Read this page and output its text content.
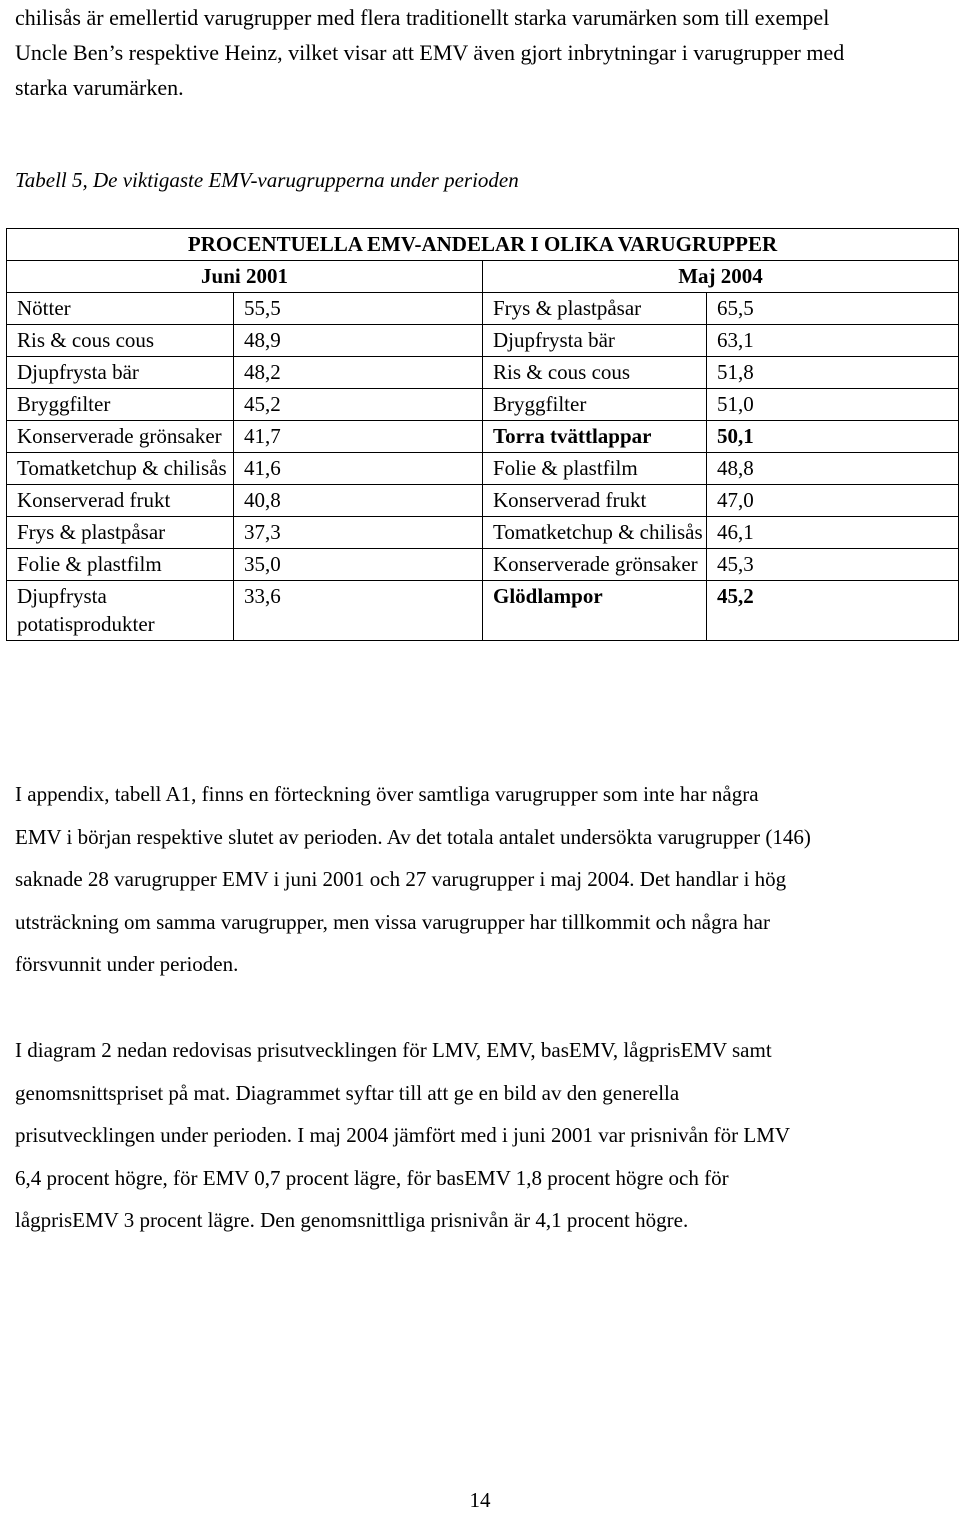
chilisås är emellertid varugrupper med flera traditionellt starka varumärken som till exempel
Uncle Ben’s respektive Heinz, vilket visar att EMV även gjort inbrytningar i varugrupper med
starka varumärken.
Tabell 5, De viktigaste EMV-varugrupperna under perioden
PROCENTUELLA EMV-ANDELAR I OLIKA VARUGRUPPER			
Juni 2001		Maj 2004	
Nötter	55,5	Frys & plastpåsar	65,5
Ris & cous cous	48,9	Djupfrysta bär	63,1
Djupfrysta bär	48,2	Ris & cous cous	51,8
Bryggfilter	45,2	Bryggfilter	51,0
Konserverade grönsaker	41,7	Torra tvättlappar	50,1
Tomatketchup & chilisås	41,6	Folie & plastfilm	48,8
Konserverad frukt	40,8	Konserverad frukt	47,0
Frys & plastpåsar	37,3	Tomatketchup & chilisås	46,1
Folie & plastfilm	35,0	Konserverade grönsaker	45,3
Djupfrysta potatisprodukter	33,6	Glödlampor	45,2
I appendix, tabell A1, finns en förteckning över samtliga varugrupper som inte har några
EMV i början respektive slutet av perioden. Av det totala antalet undersökta varugrupper (146)
saknade 28 varugrupper EMV i juni 2001 och 27 varugrupper i maj 2004. Det handlar i hög
utsträckning om samma varugrupper, men vissa varugrupper har tillkommit och några har
försvunnit under perioden.
I diagram 2 nedan redovisas prisutvecklingen för LMV, EMV, basEMV, lågprisEMV samt
genomsnittspriset på mat. Diagrammet syftar till att ge en bild av den generella
prisutvecklingen under perioden. I maj 2004 jämfört med i juni 2001 var prisnivån för LMV
6,4 procent högre, för EMV 0,7 procent lägre, för basEMV 1,8 procent högre och för
lågprisEMV 3 procent lägre. Den genomsnittliga prisnivån är 4,1 procent högre.
14
